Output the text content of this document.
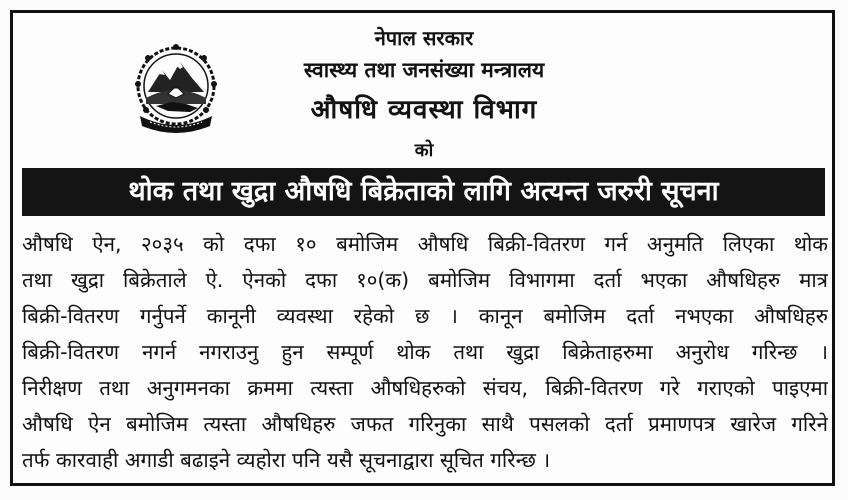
नेपाल सरकार
स्वास्थ्य तथा जनसंख्या मन्त्रालय
औषधि व्यवस्था विभाग
को
थोक तथा खुद्रा औषधि बिक्रेताको लागि अत्यन्त जरुरी सूचना
औषधि ऐन, २०३५ को दफा १० बमोजिम औषधि बिक्री-वितरण गर्न अनुमति लिएका थोक
तथा खुद्रा बिक्रेताले ऐ. ऐनको दफा १०(क) बमोजिम विभागमा दर्ता भएका औषधिहरु मात्र
बिक्री-वितरण गर्नुपर्ने कानूनी व्यवस्था रहेको छ । कानून बमोजिम दर्ता नभएका औषधिहरु
बिक्री-वितरण नगर्न नगराउनु हुन सम्पूर्ण थोक तथा खुद्रा बिक्रेताहरुमा अनुरोध गरिन्छ ।
निरीक्षण तथा अनुगमनका क्रममा त्यस्ता औषधिहरुको संचय, बिक्री-वितरण गरे गराएको पाइएमा
औषधि ऐन बमोजिम त्यस्ता औषधिहरु जफत गरिनुका साथै पसलको दर्ता प्रमाणपत्र खारेज गरिने
तर्फ कारवाही अगाडी बढाइने व्यहोरा पनि यसै सूचनाद्वारा सूचित गरिन्छ ।
